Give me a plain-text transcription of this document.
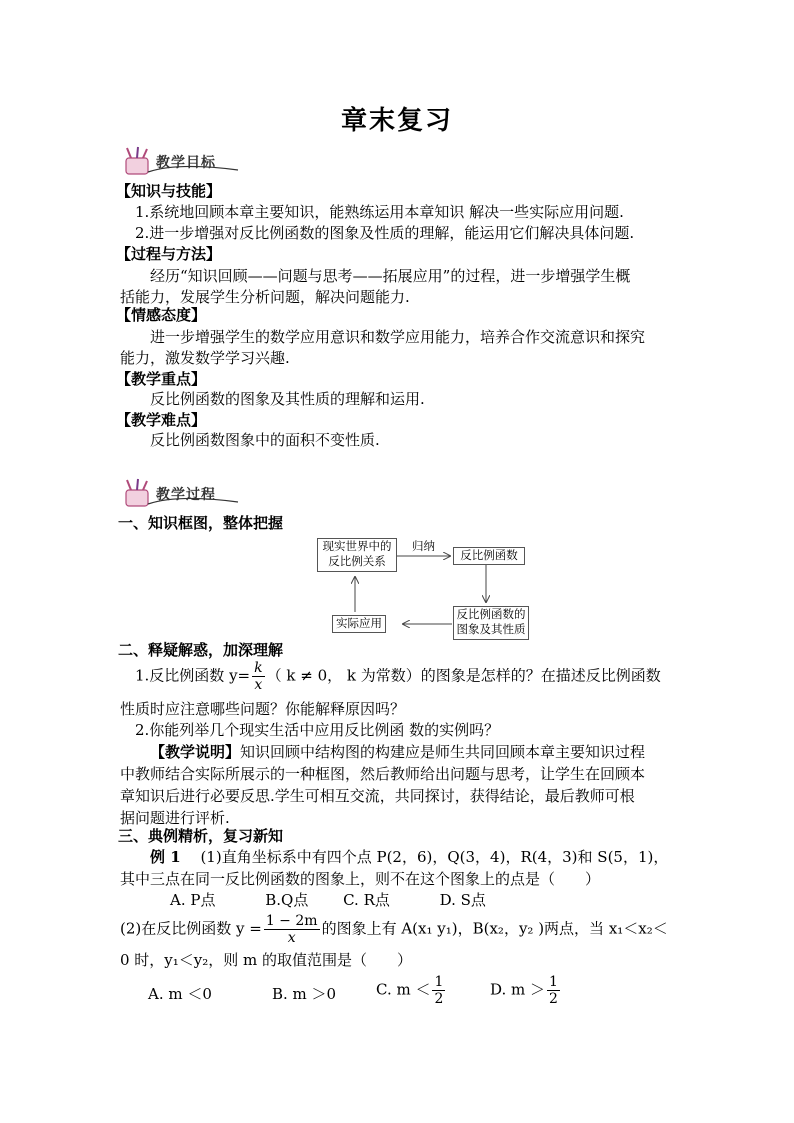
章末复习
教学目标
【知识与技能】
1.系统地回顾本章主要知识，能熟练运用本章知识 解决一些实际应用问题.
2.进一步增强对反比例函数的图象及性质的理解，能运用它们解决具体问题.
【过程与方法】
经历“知识回顾——问题与思考——拓展应用”的过程，进一步增强学生概
括能力，发展学生分析问题，解决问题能力.
【情感态度】
进一步增强学生的数学应用意识和数学应用能力，培养合作交流意识和探究
能力，激发数学学习兴趣.
【教学重点】
反比例函数的图象及其性质的理解和运用.
【教学难点】
反比例函数图象中的面积不变性质.
教学过程
一、知识框图，整体把握
现实世界中的
反比例关系
归纳
反比例函数
反比例函数的
图象及其性质
实际应用
二、释疑解惑，加深理解
1.反比例函数 $y= \frac{k}{x}$ （ k ≠ 0， k 为常数）的图象是怎样的？在描述反比例函数
性质时应注意哪些问题？你能解释原因吗？
2.你能列举几个现实生活中应用反比例函 数的实例吗？
【教学说明】知识回顾中结构图的构建应是师生共同回顾本章主要知识过程
中教师结合实际所展示的一种框图，然后教师给出问题与思考，让学生在回顾本
章知识后进行必要反思.学生可相互交流，共同探讨，获得结论，最后教师可根
据问题进行评析.
三、典例精析，复习新知
例 1　 (1)直角坐标系中有四个点 P(2，6)，Q(3，4)，R(4，3)和 S(5，1)，
其中三点在同一反比例函数的图象上，则不在这个图象上的点是（　　）
A. P点　　　 B.Q点　　 C. R点　　　 D. S点
(2)在反比例函数 $y = \frac{1 - 2m}{x}$ 的图象上有 A(x₁ y₁)，B(x₂，y₂ )两点，当 x₁＜x₂＜
0 时，y₁＜y₂，则 m 的取值范围是（　　）
A. m ＜0	B. m ＞0	C. $m < \frac{1}{2}$	D. $m > \frac{1}{2}$
